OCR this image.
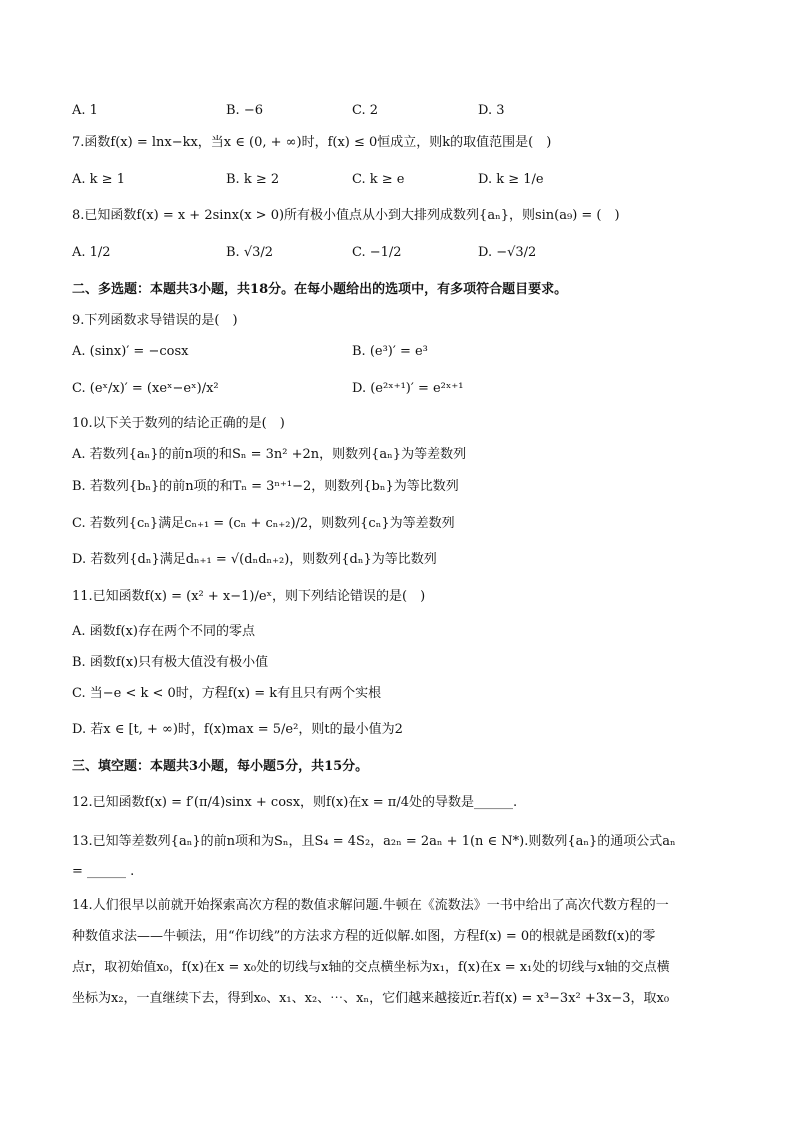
A. 1	B. −6	C. 2	D. 3
7.函数f(x) = lnx−kx，当x ∈ (0, + ∞)时，f(x) ≤ 0恒成立，则k的取值范围是(　)
A. k ≥ 1	B. k ≥ 2	C. k ≥ e	D. k ≥ 1/e
8.已知函数f(x) = x + 2sinx(x > 0)所有极小值点从小到大排列成数列{aₙ}，则sin(a₉) = (　)
A. 1/2	B. √3/2	C. −1/2	D. −√3/2
二、多选题：本题共3小题，共18分。在每小题给出的选项中，有多项符合题目要求。
9.下列函数求导错误的是(　)
A. (sinx)′ = −cosx	B. (e³)′ = e³
C. (eˣ/x)′ = (xeˣ−eˣ)/x²	D. (e²ˣ⁺¹)′ = e²ˣ⁺¹
10.以下关于数列的结论正确的是(　)
A. 若数列{aₙ}的前n项的和Sₙ = 3n² +2n，则数列{aₙ}为等差数列
B. 若数列{bₙ}的前n项的和Tₙ = 3ⁿ⁺¹−2，则数列{bₙ}为等比数列
C. 若数列{cₙ}满足cₙ₊₁ = (cₙ + cₙ₊₂)/2，则数列{cₙ}为等差数列
D. 若数列{dₙ}满足dₙ₊₁ = √(dₙdₙ₊₂)，则数列{dₙ}为等比数列
11.已知函数f(x) = (x² + x−1)/eˣ，则下列结论错误的是(　)
A. 函数f(x)存在两个不同的零点
B. 函数f(x)只有极大值没有极小值
C. 当−e < k < 0时，方程f(x) = k有且只有两个实根
D. 若x ∈ [t, + ∞)时，f(x)max = 5/e²，则t的最小值为2
三、填空题：本题共3小题，每小题5分，共15分。
12.已知函数f(x) = f′(π/4)sinx + cosx，则f(x)在x = π/4处的导数是______.
13.已知等差数列{aₙ}的前n项和为Sₙ，且S₄ = 4S₂，a₂ₙ = 2aₙ + 1(n ∈ N*).则数列{aₙ}的通项公式aₙ
= ______ .
14.人们很早以前就开始探索高次方程的数值求解问题.牛顿在《流数法》一书中给出了高次代数方程的一
种数值求法——牛顿法，用“作切线”的方法求方程的近似解.如图，方程f(x) = 0的根就是函数f(x)的零
点r，取初始值x₀，f(x)在x = x₀处的切线与x轴的交点横坐标为x₁，f(x)在x = x₁处的切线与x轴的交点横
坐标为x₂，一直继续下去，得到x₀、x₁、x₂、⋯、xₙ，它们越来越接近r.若f(x) = x³−3x² +3x−3，取x₀
